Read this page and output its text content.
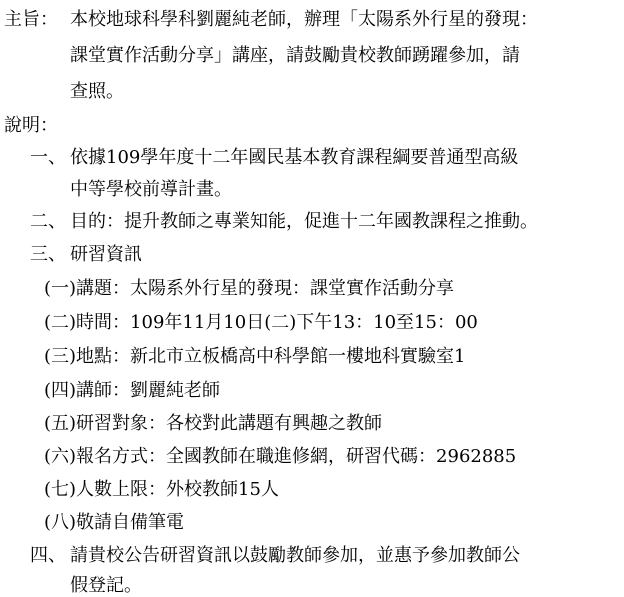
主旨： 本校地球科學科劉麗純老師，辦理「太陽系外行星的發現：
課堂實作活動分享」講座，請鼓勵貴校教師踴躍參加，請
查照。
說明：
一、 依據109學年度十二年國民基本教育課程綱要普通型高級
中等學校前導計畫。
二、 目的：提升教師之專業知能，促進十二年國教課程之推動。
三、 研習資訊
(一)講題：太陽系外行星的發現：課堂實作活動分享
(二)時間：109年11月10日(二)下午13：10至15：00
(三)地點：新北市立板橋高中科學館一樓地科實驗室1
(四)講師：劉麗純老師
(五)研習對象：各校對此講題有興趣之教師
(六)報名方式：全國教師在職進修網，研習代碼：2962885
(七)人數上限：外校教師15人
(八)敬請自備筆電
四、 請貴校公告研習資訊以鼓勵教師參加，並惠予參加教師公
假登記。
